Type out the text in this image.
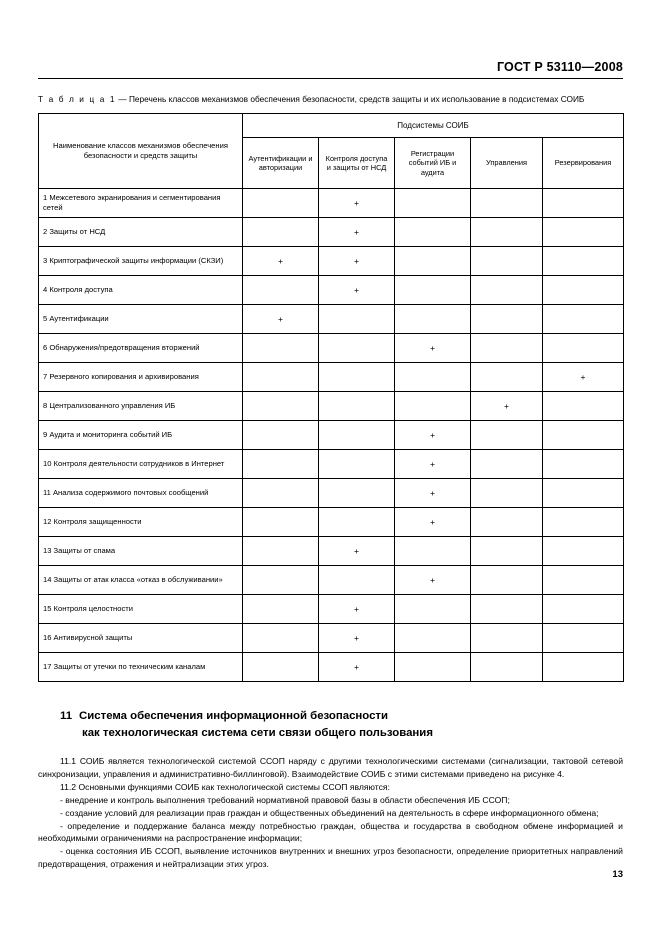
ГОСТ Р 53110—2008
Т а б л и ц а 1 — Перечень классов механизмов обеспечения безопасности, средств защиты и их использование в подсистемах СОИБ
Наименование классов механизмов обеспечения безопасности и средств защиты	Подсистемы СОИБ				
	Аутентификации и авторизации	Контроля доступа и защиты от НСД	Регистрации событий ИБ и аудита	Управления	Резервирования
1 Межсетевого экранирования и сегментирования сетей		+			
2 Защиты от НСД		+			
3 Криптографической защиты информации (СКЗИ)	+	+			
4 Контроля доступа		+			
5 Аутентификации	+				
6 Обнаружения/предотвращения вторжений			+		
7 Резервного копирования и архивирования					+
8 Централизованного управления ИБ				+	
9 Аудита и мониторинга событий ИБ			+		
10 Контроля деятельности сотрудников в Интернет			+		
11 Анализа содержимого почтовых сообщений			+		
12 Контроля защищенности			+		
13 Защиты от спама		+			
14 Защиты от атак класса «отказ в обслуживании»			+		
15 Контроля целостности		+			
16 Антивирусной защиты		+			
17 Защиты от утечки по техническим каналам		+			
11 Система обеспечения информационной безопасности
как технологическая система сети связи общего пользования

11.1 СОИБ является технологической системой ССОП наряду с другими технологическими системами (сигнализации, тактовой сетевой синхронизации, управления и административно-биллинговой). Взаимодействие СОИБ с этими системами приведено на рисунке 4.

11.2 Основными функциями СОИБ как технологической системы ССОП являются:

- внедрение и контроль выполнения требований нормативной правовой базы в области обеспечения ИБ ССОП;

- создание условий для реализации прав граждан и общественных объединений на деятельность в сфере информационного обмена;

- определение и поддержание баланса между потребностью граждан, общества и государства в свободном обмене информацией и необходимыми ограничениями на распространение информации;

- оценка состояния ИБ ССОП, выявление источников внутренних и внешних угроз безопасности, определение приоритетных направлений предотвращения, отражения и нейтрализации этих угроз.

13
